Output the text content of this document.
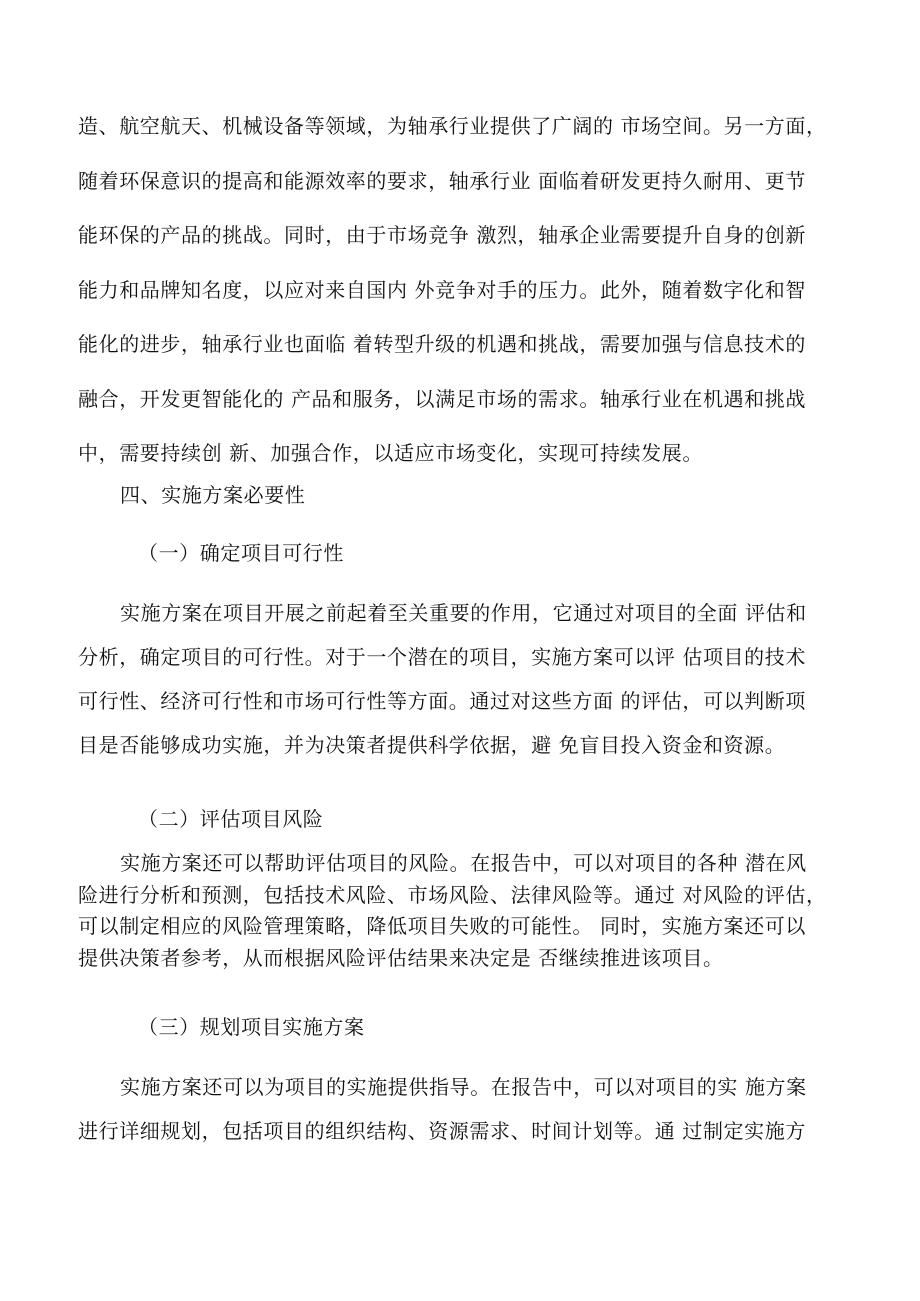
造、航空航天、机械设备等领域，为轴承行业提供了广阔的 市场空间。另一方面，
随着环保意识的提高和能源效率的要求，轴承行业 面临着研发更持久耐用、更节
能环保的产品的挑战。同时，由于市场竞争 激烈，轴承企业需要提升自身的创新
能力和品牌知名度，以应对来自国内 外竞争对手的压力。此外，随着数字化和智
能化的进步，轴承行业也面临 着转型升级的机遇和挑战，需要加强与信息技术的
融合，开发更智能化的 产品和服务，以满足市场的需求。轴承行业在机遇和挑战
中，需要持续创 新、加强合作，以适应市场变化，实现可持续发展。
四、实施方案必要性
（一）确定项目可行性
实施方案在项目开展之前起着至关重要的作用，它通过对项目的全面 评估和
分析，确定项目的可行性。对于一个潜在的项目，实施方案可以评 估项目的技术
可行性、经济可行性和市场可行性等方面。通过对这些方面 的评估，可以判断项
目是否能够成功实施，并为决策者提供科学依据，避 免盲目投入资金和资源。
（二）评估项目风险
实施方案还可以帮助评估项目的风险。在报告中，可以对项目的各种 潜在风
险进行分析和预测，包括技术风险、市场风险、法律风险等。通过 对风险的评估，
可以制定相应的风险管理策略，降低项目失败的可能性。 同时，实施方案还可以
提供决策者参考，从而根据风险评估结果来决定是 否继续推进该项目。
（三）规划项目实施方案
实施方案还可以为项目的实施提供指导。在报告中，可以对项目的实 施方案
进行详细规划，包括项目的组织结构、资源需求、时间计划等。通 过制定实施方
